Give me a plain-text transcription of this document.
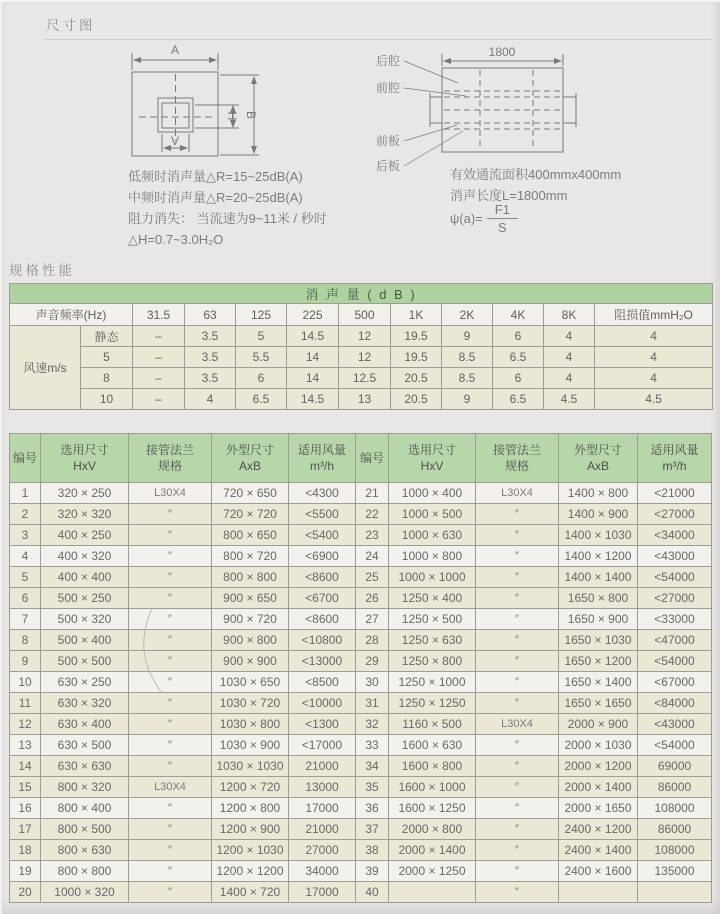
尺寸图
A
B
H
V
1800
后腔
前腔
前板
后板
低频时消声量△R=15~25dB(A)
中频时消声量△R=20~25dB(A)
阻力消失： 当流速为9~11米 / 秒时
△H=0.7~3.0H₂O
有效通流面积400mmx400mm
消声长度L=1800mm
$\psi(a)= \frac{F1}{S}$
规格性能
消 声 量 ( d B )											
声音频率(Hz)		31.5	63	125	225	500	1K	2K	4K	8K	阻损值mmH₂O
风速m/s	静态	–	3.5	5	14.5	12	19.5	9	6	4	4
	5	–	3.5	5.5	14	12	19.5	8.5	6.5	4	4
	8	–	3.5	6	14	12.5	20.5	8.5	6	4	4
	10	–	4	6.5	14.5	13	20.5	9	6.5	4.5	4.5
编号	
选用尺寸
HxV

接管法兰
规格

外型尺寸
AxB

适用风量
m³/h
	编号	
选用尺寸
HxV

接管法兰
规格

外型尺寸
AxB

适用风量
m³/h

1	320 × 250	L30X4	720 × 650	<4300	21	1000 × 400	L30X4	1400 × 800	<21000
2	320 × 320	″	720 × 720	<5500	22	1000 × 500	″	1400 × 900	<27000
3	400 × 250	″	800 × 650	<5400	23	1000 × 630	″	1400 × 1030	<34000
4	400 × 320	″	800 × 720	<6900	24	1000 × 800	″	1400 × 1200	<43000
5	400 × 400	″	800 × 800	<8600	25	1000 × 1000	″	1400 × 1400	<54000
6	500 × 250	″	900 × 650	<6700	26	1250 × 400	″	1650 × 800	<27000
7	500 × 320	″	900 × 720	<8600	27	1250 × 500	″	1650 × 900	<33000
8	500 × 400	″	900 × 800	<10800	28	1250 × 630	″	1650 × 1030	<47000
9	500 × 500	″	900 × 900	<13000	29	1250 × 800	″	1650 × 1200	<54000
10	630 × 250	″	1030 × 650	<8500	30	1250 × 1000	″	1650 × 1400	<67000
11	630 × 320	″	1030 × 720	<10000	31	1250 × 1250	″	1650 × 1650	<84000
12	630 × 400	″	1030 × 800	<1300	32	1160 × 500	L30X4	2000 × 900	<43000
13	630 × 500	″	1030 × 900	<17000	33	1600 × 630	″	2000 × 1030	<54000
14	630 × 630	″	1030 × 1030	21000	34	1600 × 800	″	2000 × 1200	69000
15	800 × 320	L30X4	1200 × 720	13000	35	1600 × 1000	″	2000 × 1400	86000
16	800 × 400	″	1200 × 800	17000	36	1600 × 1250	″	2000 × 1650	108000
17	800 × 500	″	1200 × 900	21000	37	2000 × 800	″	2400 × 1200	86000
18	800 × 630	″	1200 × 1030	27000	38	2000 × 1400	″	2400 × 1400	108000
19	800 × 800	″	1200 × 1200	34000	39	2000 × 1250	″	2400 × 1600	135000
20	1000 × 320	″	1400 × 720	17000	40		″		
